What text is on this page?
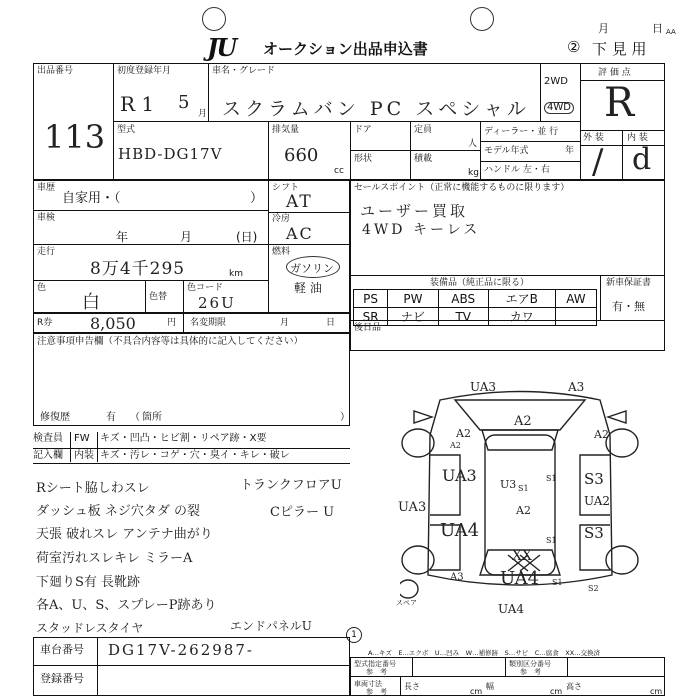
JU オークション出品申込書
月	日 AA
② 下 見 用
出品番号
113
初度登録年月
R 1 5
月
車名・グレード
スクラムバン PC スペシャル
2WD
4WD
評 価 点
R
型式
HBD-DG17V
排気量
660
cc
ドア	定員
人
形状	積載
kg
ディーラー・並 行
モデル年式	年
ハンドル 左・右
外 装	内 装
/ d
車歴
自家用・（	）
シフト
AT
冷房
AC
車検
年	月	(日)
走行
8万4千295	km
燃料
ガソリン
軽 油
色
白	色替
色コード
26U
R券 8,050	円 名変期限	月	日
セールスポイント（正常に機能するものに限ります）
ユーザー買取
4WD キーレス
装備品（純正品に限る）
PS	PW	ABS	エアB	AW
SR	ナビ	TV	カワ	
新車保証書
有・無
後日品
注意事項申告欄（不具合内容等は具体的に記入してください）
修復歴	有 （ 箇所	）
検査員 FW キズ・凹凸・ヒビ割・リペア跡・X要
記入欄 内装 キズ・汚レ・コゲ・穴・臭イ・キレ・破レ
Rシート脇しわスレ	トランクフロアU
ダッシュ板 ネジ穴タダ の裂	Cピラー U
天張 破れスレ アンテナ曲がり
荷室汚れスレキレ ミラーA
下廻りS有 長靴跡
各A、U、S、スプレーP跡あり
スタッドレスタイヤ	エンドパネルU
1
UA3	A3
A2
A2	A2
UA3
S1
S3
UA2
UA3
UA4
A2
S3
UA4
XX
S1
S2
A3
UA4
A2
S1
S1
U3
スペア
車台番号 DG17V-262987-
登録番号
A…キズ　E…エクボ　U…凹み　W…補修跡　S…サビ　C…腐食　XX…交換済
型式指定番号
参　考
類別区分番号
参　考
車両寸法
参　考
長さ
cm
幅
cm
高さ
cm
